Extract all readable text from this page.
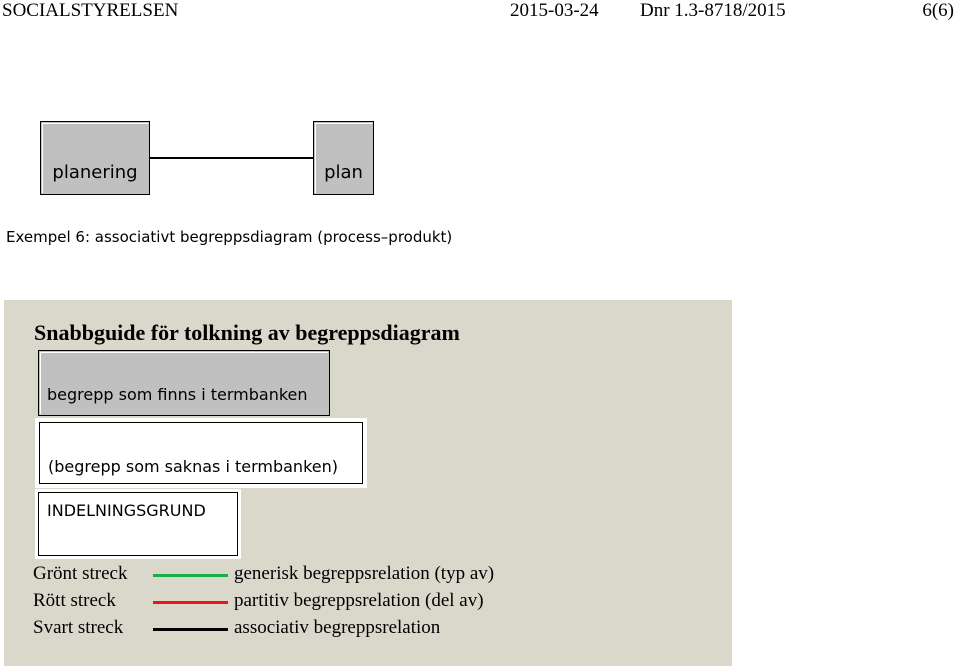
SOCIALSTYRELSEN	2015-03-24 Dnr 1.3-8718/2015	6(6)
planering	plan
Exempel 6: associativt begreppsdiagram (process–produkt)
Snabbguide för tolkning av begreppsdiagram
begrepp som finns i termbanken
(begrepp som saknas i termbanken)
INDELNINGSGRUND
Grönt streck	generisk begreppsrelation (typ av)
Rött streck	partitiv begreppsrelation (del av)
Svart streck	associativ begreppsrelation
